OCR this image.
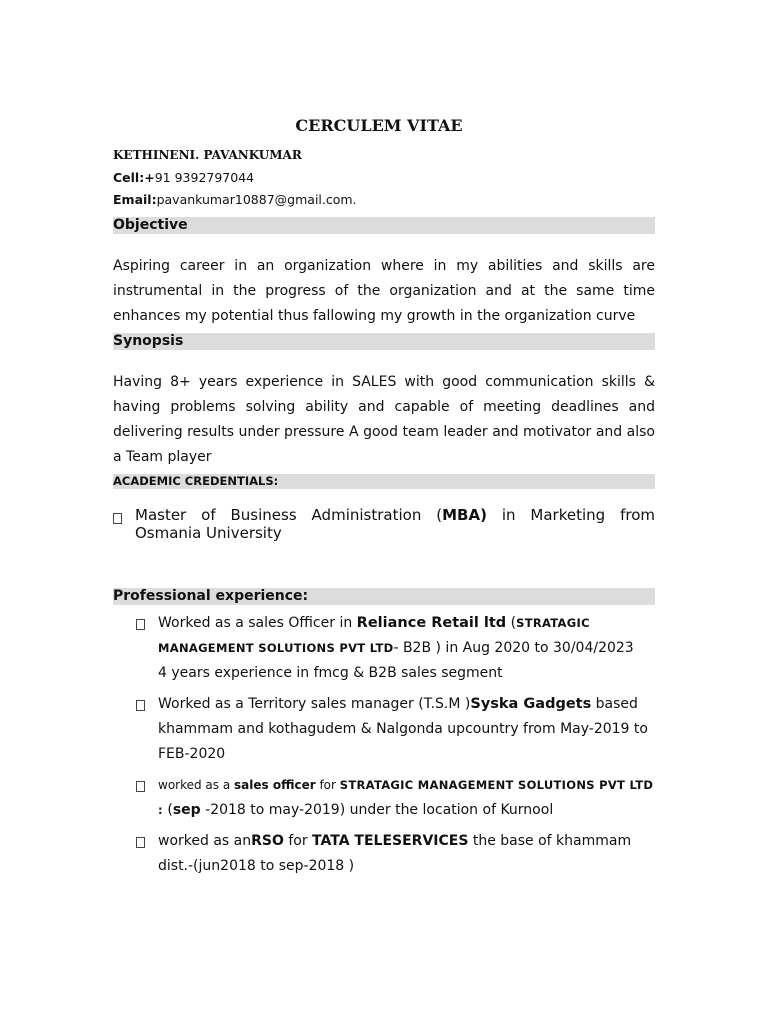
CERCULEM VITAE
KETHINENI. PAVANKUMAR
Cell:+91 9392797044
Email:pavankumar10887@gmail.com.
Objective

Aspiring career in an organization where in my abilities and skills are instrumental in the progress of the organization and at the same time enhances my potential thus fallowing my growth in the organization curve

Synopsis

Having 8+ years experience in SALES with good communication skills & having problems solving ability and capable of meeting deadlines and delivering results under pressure A good team leader and motivator and also a Team player

ACADEMIC CREDENTIALS:
Master of Business Administration (MBA) in Marketing from Osmania University
Professional experience:
Worked as a sales Officer in Reliance Retail ltd (STRATAGIC MANAGEMENT SOLUTIONS PVT LTD- B2B ) in Aug 2020 to 30/04/2023
4 years experience in fmcg & B2B sales segment
Worked as a Territory sales manager (T.S.M )Syska Gadgets based khammam and kothagudem & Nalgonda upcountry from May-2019 to FEB-2020
worked as a sales officer for STRATAGIC MANAGEMENT SOLUTIONS PVT LTD : (sep -2018 to may-2019) under the location of Kurnool
worked as anRSO for TATA TELESERVICES the base of khammam dist.-(jun2018 to sep-2018 )
